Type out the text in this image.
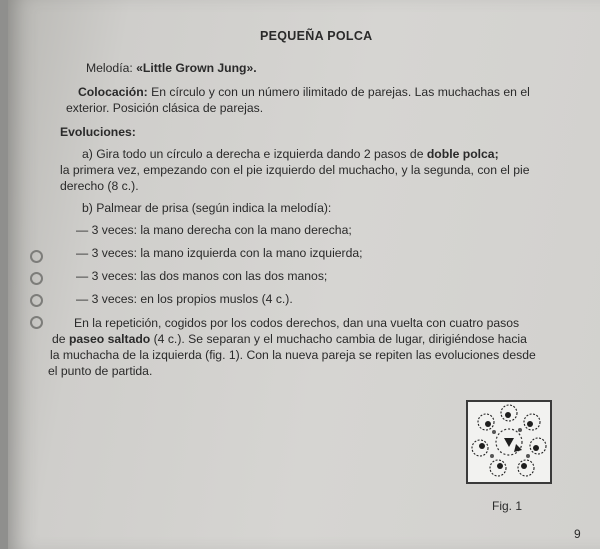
PEQUEÑA POLCA
Melodía: «Little Grown Jung».
Colocación: En círculo y con un número ilimitado de parejas. Las muchachas en el
exterior. Posición clásica de parejas.
Evoluciones:
a) Gira todo un círculo a derecha e izquierda dando 2 pasos de doble polca;
la primera vez, empezando con el pie izquierdo del muchacho, y la segunda, con el pie
derecho (8 c.).
b) Palmear de prisa (según indica la melodía):
— 3 veces: la mano derecha con la mano derecha;
— 3 veces: la mano izquierda con la mano izquierda;
— 3 veces: las dos manos con las dos manos;
— 3 veces: en los propios muslos (4 c.).
En la repetición, cogidos por los codos derechos, dan una vuelta con cuatro pasos
de paseo saltado (4 c.). Se separan y el muchacho cambia de lugar, dirigiéndose hacia
la muchacha de la izquierda (fig. 1). Con la nueva pareja se repiten las evoluciones desde
el punto de partida.
Fig. 1
9
